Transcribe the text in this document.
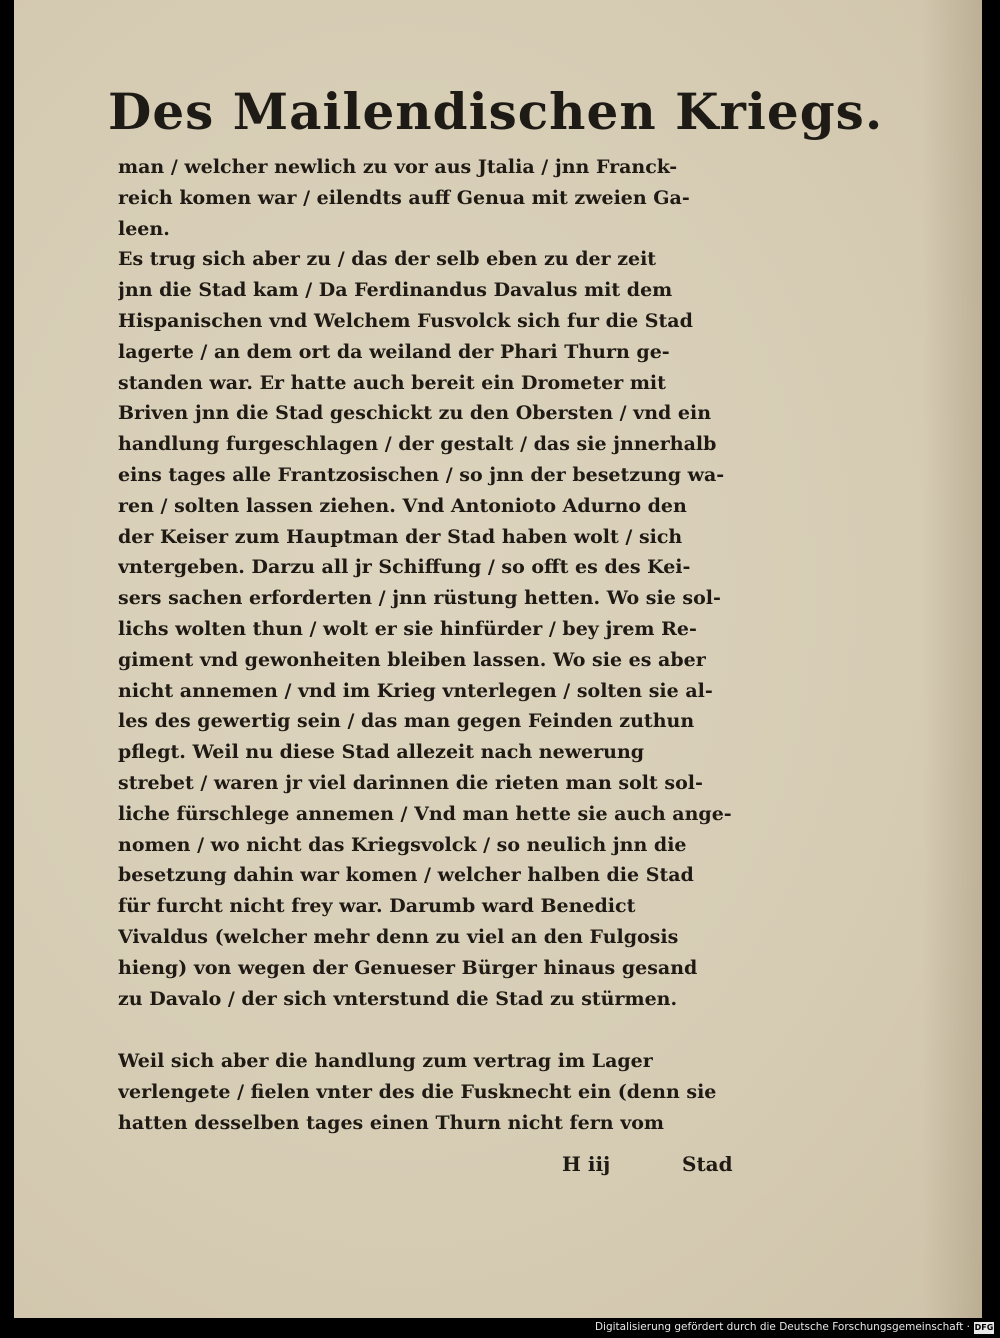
Des Mailendischen Kriegs.
man / welcher newlich zu vor aus Jtalia / jnn Franck-
reich komen war / eilendts auff Genua mit zweien Ga-
leen.
Es trug sich aber zu / das der selb eben zu der zeit
jnn die Stad kam / Da Ferdinandus Davalus mit dem
Hispanischen vnd Welchem Fusvolck sich fur die Stad
lagerte / an dem ort da weiland der Phari Thurn ge-
standen war. Er hatte auch bereit ein Drometer mit
Briven jnn die Stad geschickt zu den Obersten / vnd ein
handlung furgeschlagen / der gestalt / das sie jnnerhalb
eins tages alle Frantzosischen / so jnn der besetzung wa-
ren / solten lassen ziehen. Vnd Antonioto Adurno den
der Keiser zum Hauptman der Stad haben wolt / sich
vntergeben. Darzu all jr Schiffung / so offt es des Kei-
sers sachen erforderten / jnn rüstung hetten. Wo sie sol-
lichs wolten thun / wolt er sie hinfürder / bey jrem Re-
giment vnd gewonheiten bleiben lassen. Wo sie es aber
nicht annemen / vnd im Krieg vnterlegen / solten sie al-
les des gewertig sein / das man gegen Feinden zuthun
pflegt. Weil nu diese Stad allezeit nach newerung
strebet / waren jr viel darinnen die rieten man solt sol-
liche fürschlege annemen / Vnd man hette sie auch ange-
nomen / wo nicht das Kriegsvolck / so neulich jnn die
besetzung dahin war komen / welcher halben die Stad
für furcht nicht frey war. Darumb ward Benedict
Vivaldus (welcher mehr denn zu viel an den Fulgosis
hieng) von wegen der Genueser Bürger hinaus gesand
zu Davalo / der sich vnterstund die Stad zu stürmen.
Weil sich aber die handlung zum vertrag im Lager
verlengete / fielen vnter des die Fusknecht ein (denn sie
hatten desselben tages einen Thurn nicht fern vom
H iij	Stad
Digitalisierung gefördert durch die Deutsche Forschungsgemeinschaft · DFG
